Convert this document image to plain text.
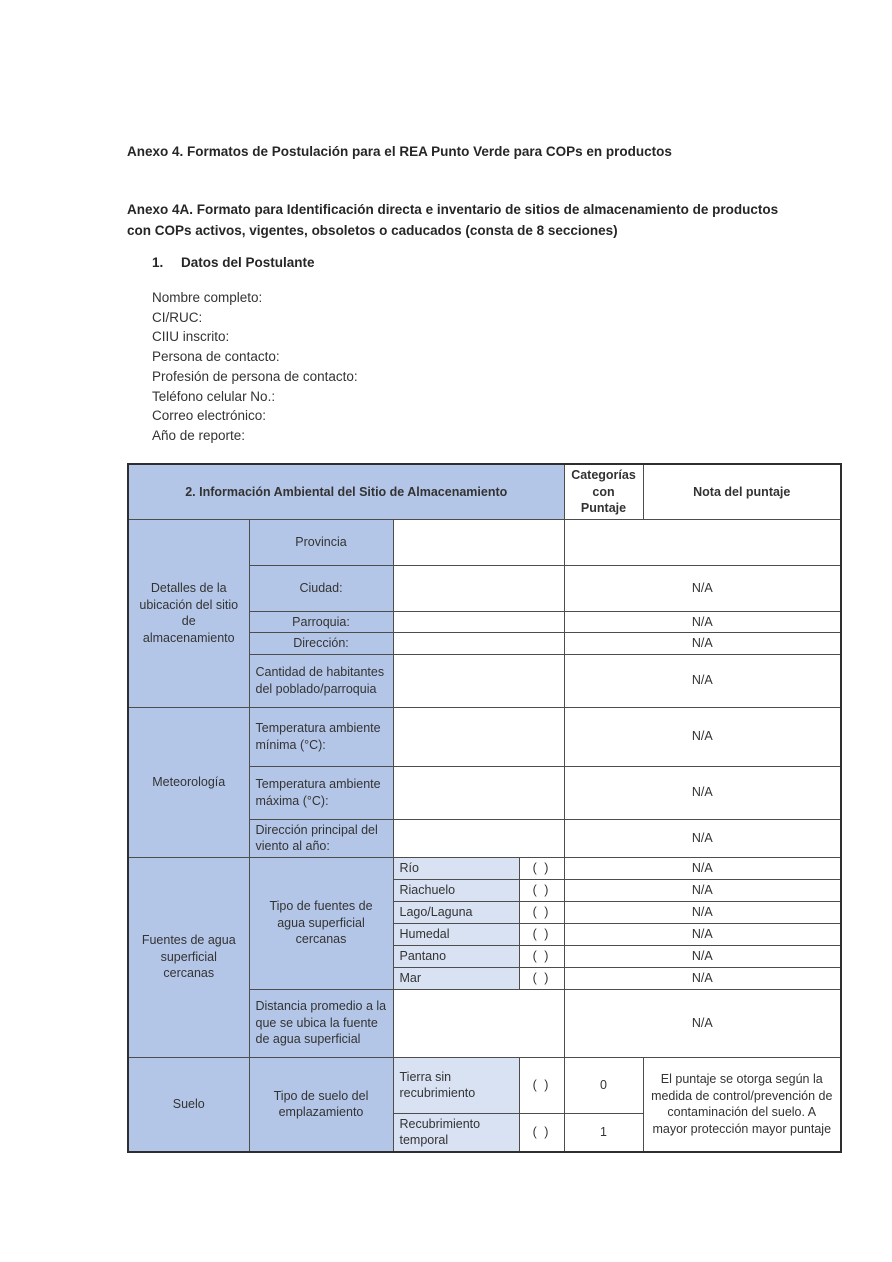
Anexo 4. Formatos de Postulación para el REA Punto Verde para COPs en productos
Anexo 4A. Formato para Identificación directa e inventario de sitios de almacenamiento de productos con COPs activos, vigentes, obsoletos o caducados (consta de 8 secciones)
1. Datos del Postulante
Nombre completo:
CI/RUC:
CIIU inscrito:
Persona de contacto:
Profesión de persona de contacto:
Teléfono celular No.:
Correo electrónico:
Año de reporte:
2. Información Ambiental del Sitio de Almacenamiento				Categorías con Puntaje	Nota del puntaje
Detalles de la ubicación del sitio de almacenamiento	Provincia				
	Ciudad:			N/A	
	Parroquia:			N/A	
	Dirección:			N/A	
	Cantidad de habitantes del poblado/parroquia			N/A	
Meteorología	Temperatura ambiente mínima (°C):			N/A	
	Temperatura ambiente máxima (°C):			N/A	
	Dirección principal del viento al año:			N/A	
Fuentes de agua superficial cercanas	Tipo de fuentes de agua superficial cercanas	Río	( )	N/A	
		Riachuelo	( )	N/A	
		Lago/Laguna	( )	N/A	
		Humedal	( )	N/A	
		Pantano	( )	N/A	
		Mar	( )	N/A	
	Distancia promedio a la que se ubica la fuente de agua superficial			N/A	
Suelo	Tipo de suelo del emplazamiento	Tierra sin recubrimiento	( )	0	El puntaje se otorga según la medida de control/prevención de contaminación del suelo. A mayor protección mayor puntaje
		Recubrimiento temporal	( )	1	
